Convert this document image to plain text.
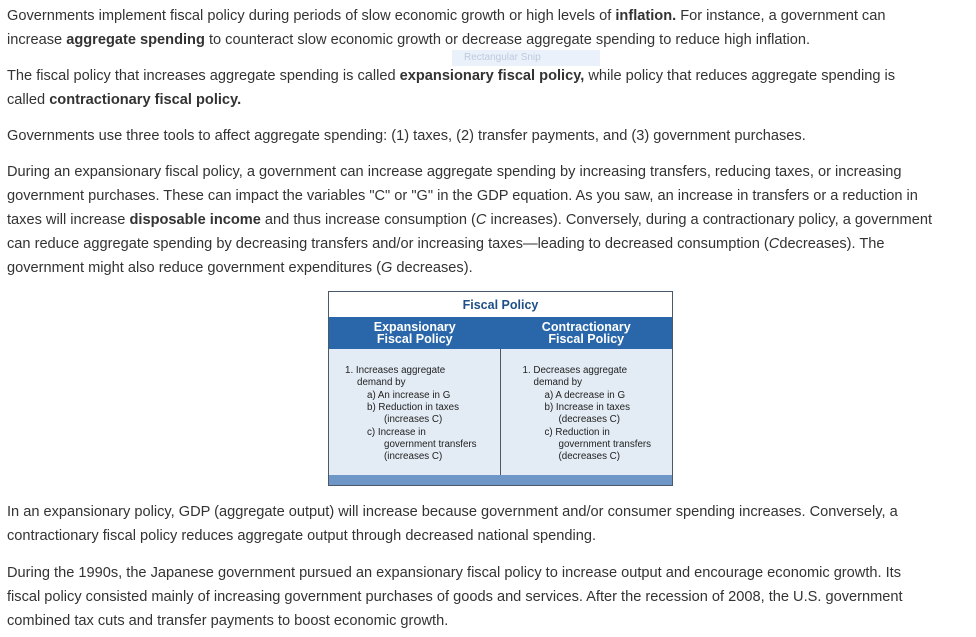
Governments implement fiscal policy during periods of slow economic growth or high levels of inflation. For instance, a government can
increase aggregate spending to counteract slow economic growth or decrease aggregate spending to reduce high inflation.

Rectangular Snip

The fiscal policy that increases aggregate spending is called expansionary fiscal policy, while policy that reduces aggregate spending is
called contractionary fiscal policy.

Governments use three tools to affect aggregate spending: (1) taxes, (2) transfer payments, and (3) government purchases.

During an expansionary fiscal policy, a government can increase aggregate spending by increasing transfers, reducing taxes, or increasing
government purchases. These can impact the variables "C" or "G" in the GDP equation. As you saw, an increase in transfers or a reduction in
taxes will increase disposable income and thus increase consumption (C increases). Conversely, during a contractionary policy, a government
can reduce aggregate spending by decreasing transfers and/or increasing taxes—leading to decreased consumption (Cdecreases). The
government might also reduce government expenditures (G decreases).

Fiscal Policy
Expansionary
Fiscal Policy
Contractionary
Fiscal Policy
1. Increases aggregate
demand by
a) An increase in G
b) Reduction in taxes
(increases C)
c) Increase in
government transfers
(increases C)
1. Decreases aggregate
demand by
a) A decrease in G
b) Increase in taxes
(decreases C)
c) Reduction in
government transfers
(decreases C)

In an expansionary policy, GDP (aggregate output) will increase because government and/or consumer spending increases. Conversely, a
contractionary fiscal policy reduces aggregate output through decreased national spending.

During the 1990s, the Japanese government pursued an expansionary fiscal policy to increase output and encourage economic growth. Its
fiscal policy consisted mainly of increasing government purchases of goods and services. After the recession of 2008, the U.S. government
combined tax cuts and transfer payments to boost economic growth.
